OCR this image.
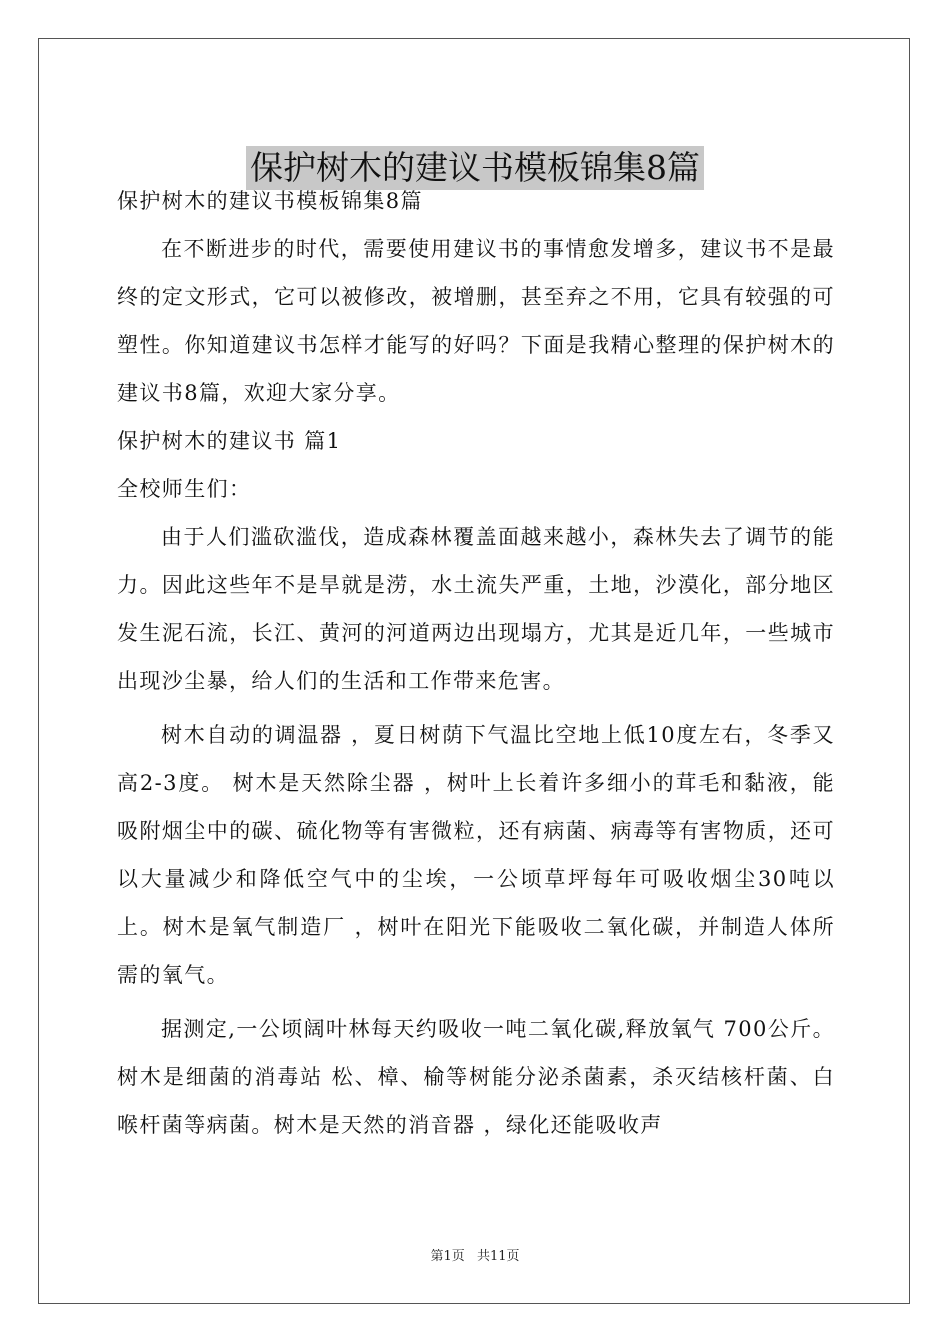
保护树木的建议书模板锦集8篇

保护树木的建议书模板锦集8篇

在不断进步的时代，需要使用建议书的事情愈发增多，建议书不是最终的定文形式，它可以被修改，被增删，甚至弃之不用，它具有较强的可塑性。你知道建议书怎样才能写的好吗？下面是我精心整理的保护树木的建议书8篇，欢迎大家分享。

保护树木的建议书 篇1

全校师生们：

由于人们滥砍滥伐，造成森林覆盖面越来越小，森林失去了调节的能力。因此这些年不是旱就是涝，水土流失严重，土地，沙漠化，部分地区发生泥石流，长江、黄河的河道两边出现塌方，尤其是近几年，一些城市出现沙尘暴，给人们的生活和工作带来危害。

树木自动的调温器 ，夏日树荫下气温比空地上低10度左右，冬季又高2-3度。 树木是天然除尘器 ，树叶上长着许多细小的茸毛和黏液，能吸附烟尘中的碳、硫化物等有害微粒，还有病菌、病毒等有害物质，还可以大量减少和降低空气中的尘埃，一公顷草坪每年可吸收烟尘30吨以上。树木是氧气制造厂 ，树叶在阳光下能吸收二氧化碳，并制造人体所需的氧气。

据测定,一公顷阔叶林每天约吸收一吨二氧化碳,释放氧气 700公斤。树木是细菌的消毒站 松、樟、榆等树能分泌杀菌素，杀灭结核杆菌、白喉杆菌等病菌。树木是天然的消音器 ，绿化还能吸收声

第1页 共11页
